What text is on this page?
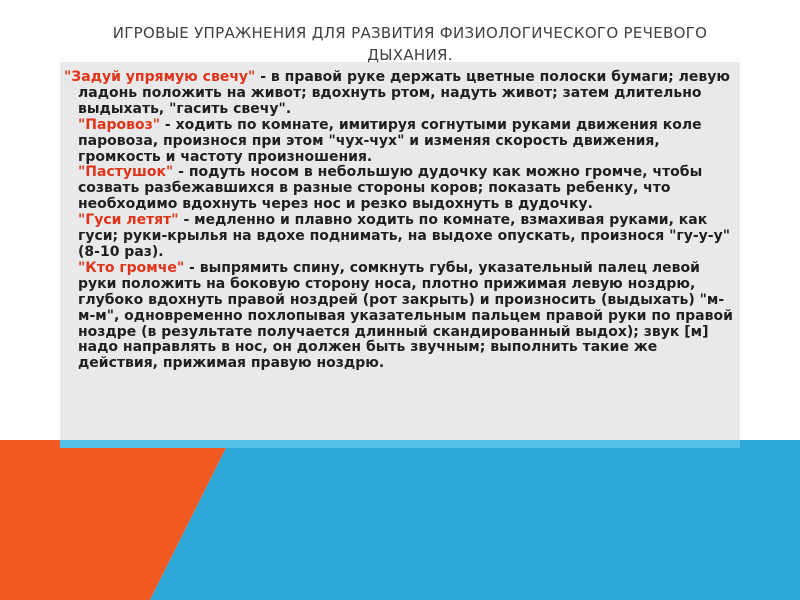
ИГРОВЫЕ УПРАЖНЕНИЯ ДЛЯ РАЗВИТИЯ ФИЗИОЛОГИЧЕСКОГО РЕЧЕВОГО ДЫХАНИЯ.

"Задуй упрямую свечу" - в правой руке держать цветные полоски бумаги; левую ладонь положить на живот; вдохнуть ртом, надуть живот; затем длительно выдыхать, "гасить свечу".

"Паровоз" - ходить по комнате, имитируя согнутыми руками движения коле паровоза, произнося при этом "чух-чух" и изменяя скорость движения, громкость и частоту произношения.

"Пастушок" - подуть носом в небольшую дудочку как можно громче, чтобы созвать разбежавшихся в разные стороны коров; показать ребенку, что необходимо вдохнуть через нос и резко выдохнуть в дудочку.

"Гуси летят" - медленно и плавно ходить по комнате, взмахивая руками, как гуси; руки-крылья на вдохе поднимать, на выдохе опускать, произнося "гу-у-у" (8-10 раз).

"Кто громче" - выпрямить спину, сомкнуть губы, указательный палец левой руки положить на боковую сторону носа, плотно прижимая левую ноздрю, глубоко вдохнуть правой ноздрей (рот закрыть) и произносить (выдыхать) "м-м-м", одновременно похлопывая указательным пальцем правой руки по правой ноздре (в результате получается длинный скандированный выдох); звук [м] надо направлять в нос, он должен быть звучным; выполнить такие же действия, прижимая правую ноздрю.
